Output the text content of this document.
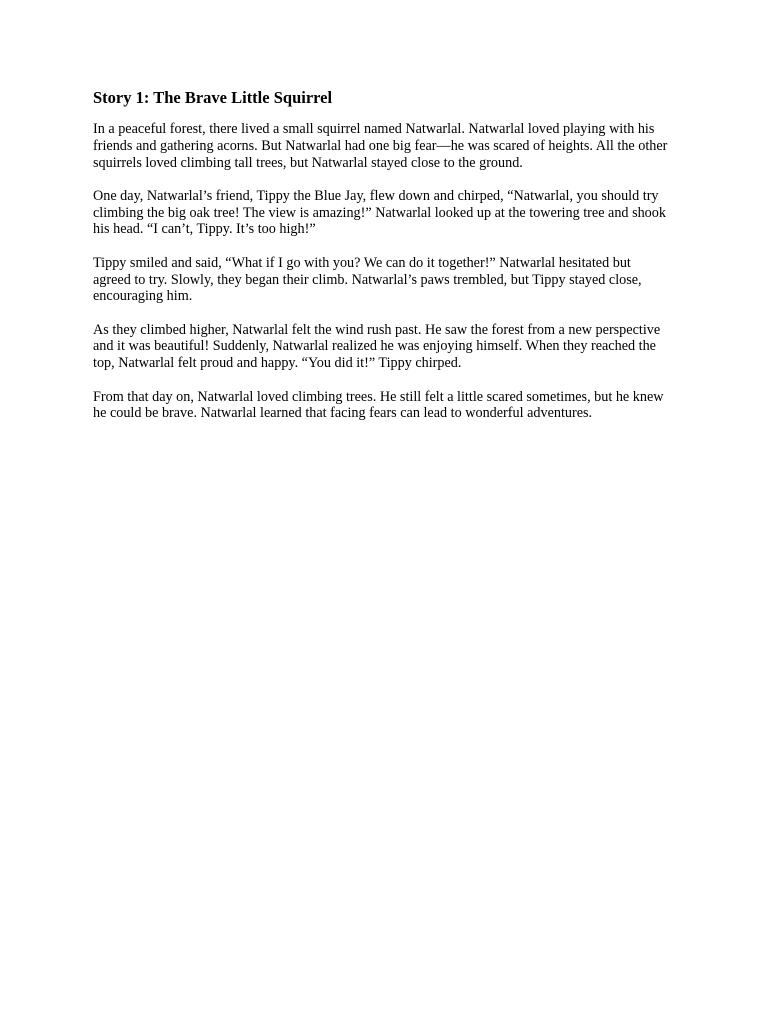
Story 1: The Brave Little Squirrel

In a peaceful forest, there lived a small squirrel named Natwarlal. Natwarlal loved playing with his friends and gathering acorns. But Natwarlal had one big fear—he was scared of heights. All the other squirrels loved climbing tall trees, but Natwarlal stayed close to the ground.

One day, Natwarlal’s friend, Tippy the Blue Jay, flew down and chirped, “Natwarlal, you should try climbing the big oak tree! The view is amazing!” Natwarlal looked up at the towering tree and shook his head. “I can’t, Tippy. It’s too high!”

Tippy smiled and said, “What if I go with you? We can do it together!” Natwarlal hesitated but agreed to try. Slowly, they began their climb. Natwarlal’s paws trembled, but Tippy stayed close, encouraging him.

As they climbed higher, Natwarlal felt the wind rush past. He saw the forest from a new perspective and it was beautiful! Suddenly, Natwarlal realized he was enjoying himself. When they reached the top, Natwarlal felt proud and happy. “You did it!” Tippy chirped.

From that day on, Natwarlal loved climbing trees. He still felt a little scared sometimes, but he knew he could be brave. Natwarlal learned that facing fears can lead to wonderful adventures.
